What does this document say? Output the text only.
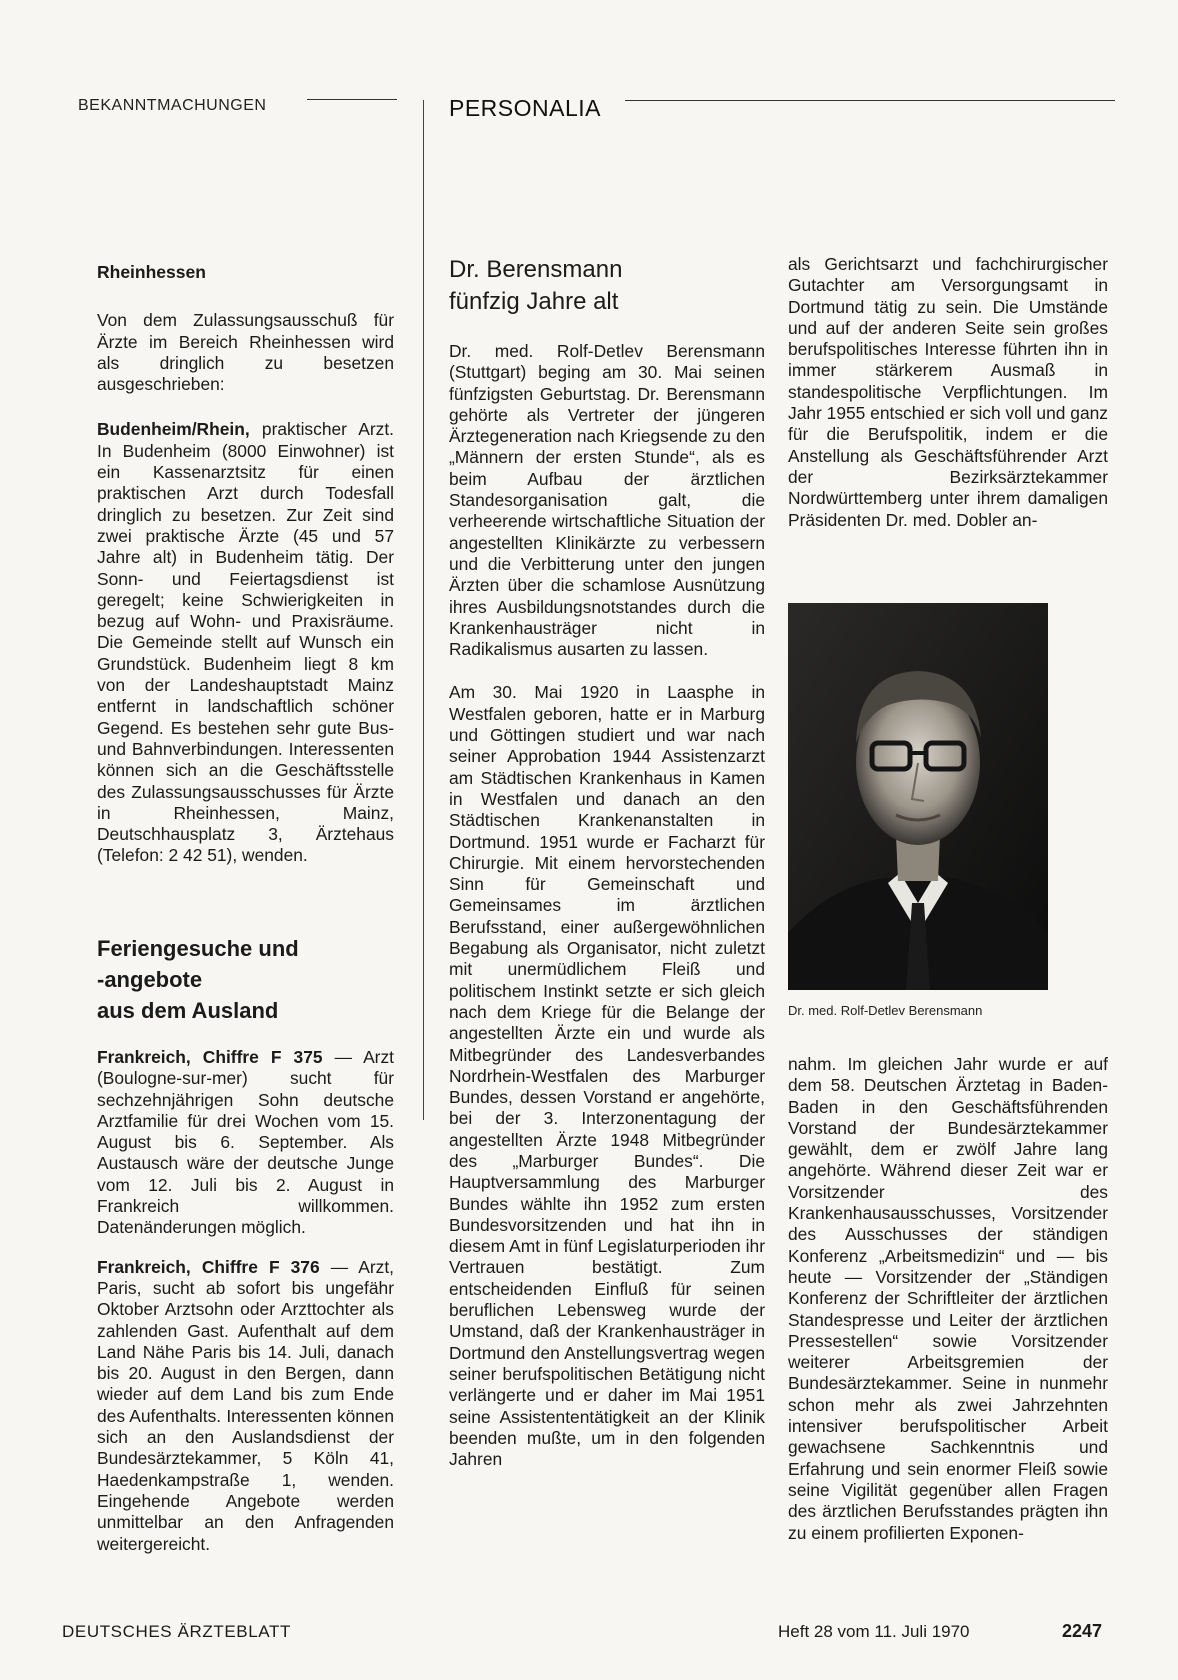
BEKANNTMACHUNGEN	PERSONALIA
Rheinhessen

Von dem Zulassungsausschuß für Ärzte im Bereich Rheinhessen wird als dringlich zu besetzen ausgeschrieben:

Budenheim/Rhein, praktischer Arzt. In Budenheim (8000 Einwohner) ist ein Kassenarztsitz für einen praktischen Arzt durch Todesfall dringlich zu besetzen. Zur Zeit sind zwei praktische Ärzte (45 und 57 Jahre alt) in Budenheim tätig. Der Sonn- und Feiertagsdienst ist geregelt; keine Schwierigkeiten in bezug auf Wohn- und Praxisräume. Die Gemeinde stellt auf Wunsch ein Grundstück. Budenheim liegt 8 km von der Landeshauptstadt Mainz entfernt in landschaftlich schöner Gegend. Es bestehen sehr gute Bus- und Bahnverbindungen. Interessenten können sich an die Geschäftsstelle des Zulassungsausschusses für Ärzte in Rheinhessen, Mainz, Deutschhausplatz 3, Ärztehaus (Telefon: 2 42 51), wenden.

Feriengesuche und
-angebote
aus dem Ausland

Frankreich, Chiffre F 375 — Arzt (Boulogne-sur-mer) sucht für sechzehnjährigen Sohn deutsche Arztfamilie für drei Wochen vom 15. August bis 6. September. Als Austausch wäre der deutsche Junge vom 12. Juli bis 2. August in Frankreich willkommen. Datenänderungen möglich.

Frankreich, Chiffre F 376 — Arzt, Paris, sucht ab sofort bis ungefähr Oktober Arztsohn oder Arzttochter als zahlenden Gast. Aufenthalt auf dem Land Nähe Paris bis 14. Juli, danach bis 20. August in den Bergen, dann wieder auf dem Land bis zum Ende des Aufenthalts. Interessenten können sich an den Auslandsdienst der Bundesärztekammer, 5 Köln 41, Haedenkampstraße 1, wenden. Eingehende Angebote werden unmittelbar an den Anfragenden weitergereicht.

Dr. Berensmann
fünfzig Jahre alt

Dr. med. Rolf-Detlev Berensmann (Stuttgart) beging am 30. Mai seinen fünfzigsten Geburtstag. Dr. Berensmann gehörte als Vertreter der jüngeren Ärztegeneration nach Kriegsende zu den „Männern der ersten Stunde“, als es beim Aufbau der ärztlichen Standesorganisation galt, die verheerende wirtschaftliche Situation der angestellten Klinikärzte zu verbessern und die Verbitterung unter den jungen Ärzten über die schamlose Ausnützung ihres Ausbildungsnotstandes durch die Krankenhausträger nicht in Radikalismus ausarten zu lassen.

Am 30. Mai 1920 in Laasphe in Westfalen geboren, hatte er in Marburg und Göttingen studiert und war nach seiner Approbation 1944 Assistenzarzt am Städtischen Krankenhaus in Kamen in Westfalen und danach an den Städtischen Krankenanstalten in Dortmund. 1951 wurde er Facharzt für Chirurgie. Mit einem hervorstechenden Sinn für Gemeinschaft und Gemeinsames im ärztlichen Berufsstand, einer außergewöhnlichen Begabung als Organisator, nicht zuletzt mit unermüdlichem Fleiß und politischem Instinkt setzte er sich gleich nach dem Kriege für die Belange der angestellten Ärzte ein und wurde als Mitbegründer des Landesverbandes Nordrhein-Westfalen des Marburger Bundes, dessen Vorstand er angehörte, bei der 3. Interzonentagung der angestellten Ärzte 1948 Mitbegründer des „Marburger Bundes“. Die Hauptversammlung des Marburger Bundes wählte ihn 1952 zum ersten Bundesvorsitzenden und hat ihn in diesem Amt in fünf Legislaturperioden ihr Vertrauen bestätigt. Zum entscheidenden Einfluß für seinen beruflichen Lebensweg wurde der Umstand, daß der Krankenhausträger in Dortmund den Anstellungsvertrag wegen seiner berufspolitischen Betätigung nicht verlängerte und er daher im Mai 1951 seine Assistententätigkeit an der Klinik beenden mußte, um in den folgenden Jahren

als Gerichtsarzt und fachchirurgischer Gutachter am Versorgungsamt in Dortmund tätig zu sein. Die Umstände und auf der anderen Seite sein großes berufspolitisches Interesse führten ihn in immer stärkerem Ausmaß in standespolitische Verpflichtungen. Im Jahr 1955 entschied er sich voll und ganz für die Berufspolitik, indem er die Anstellung als Geschäftsführender Arzt der Bezirksärztekammer Nordwürttemberg unter ihrem damaligen Präsidenten Dr. med. Dobler an-

Dr. med. Rolf-Detlev Berensmann

nahm. Im gleichen Jahr wurde er auf dem 58. Deutschen Ärztetag in Baden-Baden in den Geschäftsführenden Vorstand der Bundesärztekammer gewählt, dem er zwölf Jahre lang angehörte. Während dieser Zeit war er Vorsitzender des Krankenhausausschusses, Vorsitzender des Ausschusses der ständigen Konferenz „Arbeitsmedizin“ und — bis heute — Vorsitzender der „Ständigen Konferenz der Schriftleiter der ärztlichen Standespresse und Leiter der ärztlichen Pressestellen“ sowie Vorsitzender weiterer Arbeitsgremien der Bundesärztekammer. Seine in nunmehr schon mehr als zwei Jahrzehnten intensiver berufspolitischer Arbeit gewachsene Sachkenntnis und Erfahrung und sein enormer Fleiß sowie seine Vigilität gegenüber allen Fragen des ärztlichen Berufsstandes prägten ihn zu einem profilierten Exponen-

DEUTSCHES ÄRZTEBLATT	Heft 28 vom 11. Juli 1970	2247
